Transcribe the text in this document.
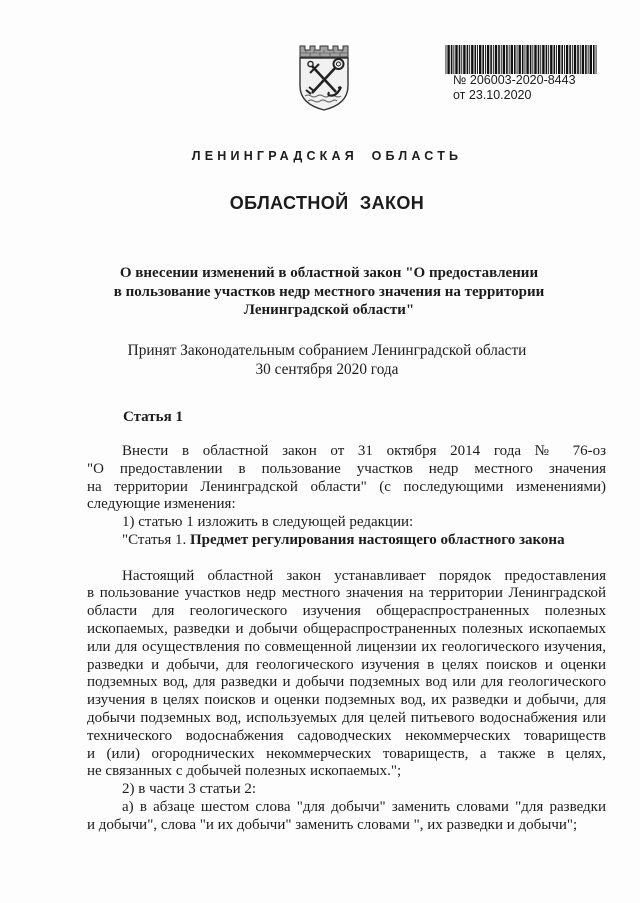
№ 206003-2020-8443
от 23.10.2020
ЛЕНИНГРАДСКАЯ ОБЛАСТЬ
ОБЛАСТНОЙ ЗАКОН
О внесении изменений в областной закон "О предоставлении
в пользование участков недр местного значения на территории
Ленинградской области"
Принят Законодательным собранием Ленинградской области
30 сентября 2020 года
Статья 1
Внести в областной закон от 31 октября 2014 года № 76-оз
"О предоставлении в пользование участков недр местного значения
на территории Ленинградской области" (с последующими изменениями)
следующие изменения:
1) статью 1 изложить в следующей редакции:
"Статья 1. Предмет регулирования настоящего областного закона
Настоящий областной закон устанавливает порядок предоставления
в пользование участков недр местного значения на территории Ленинградской
области для геологического изучения общераспространенных полезных
ископаемых, разведки и добычи общераспространенных полезных ископаемых
или для осуществления по совмещенной лицензии их геологического изучения,
разведки и добычи, для геологического изучения в целях поисков и оценки
подземных вод, для разведки и добычи подземных вод или для геологического
изучения в целях поисков и оценки подземных вод, их разведки и добычи, для
добычи подземных вод, используемых для целей питьевого водоснабжения или
технического водоснабжения садоводческих некоммерческих товариществ
и (или) огороднических некоммерческих товариществ, а также в целях,
не связанных с добычей полезных ископаемых.";
2) в части 3 статьи 2:
а) в абзаце шестом слова "для добычи" заменить словами "для разведки
и добычи", слова "и их добычи" заменить словами ", их разведки и добычи";
